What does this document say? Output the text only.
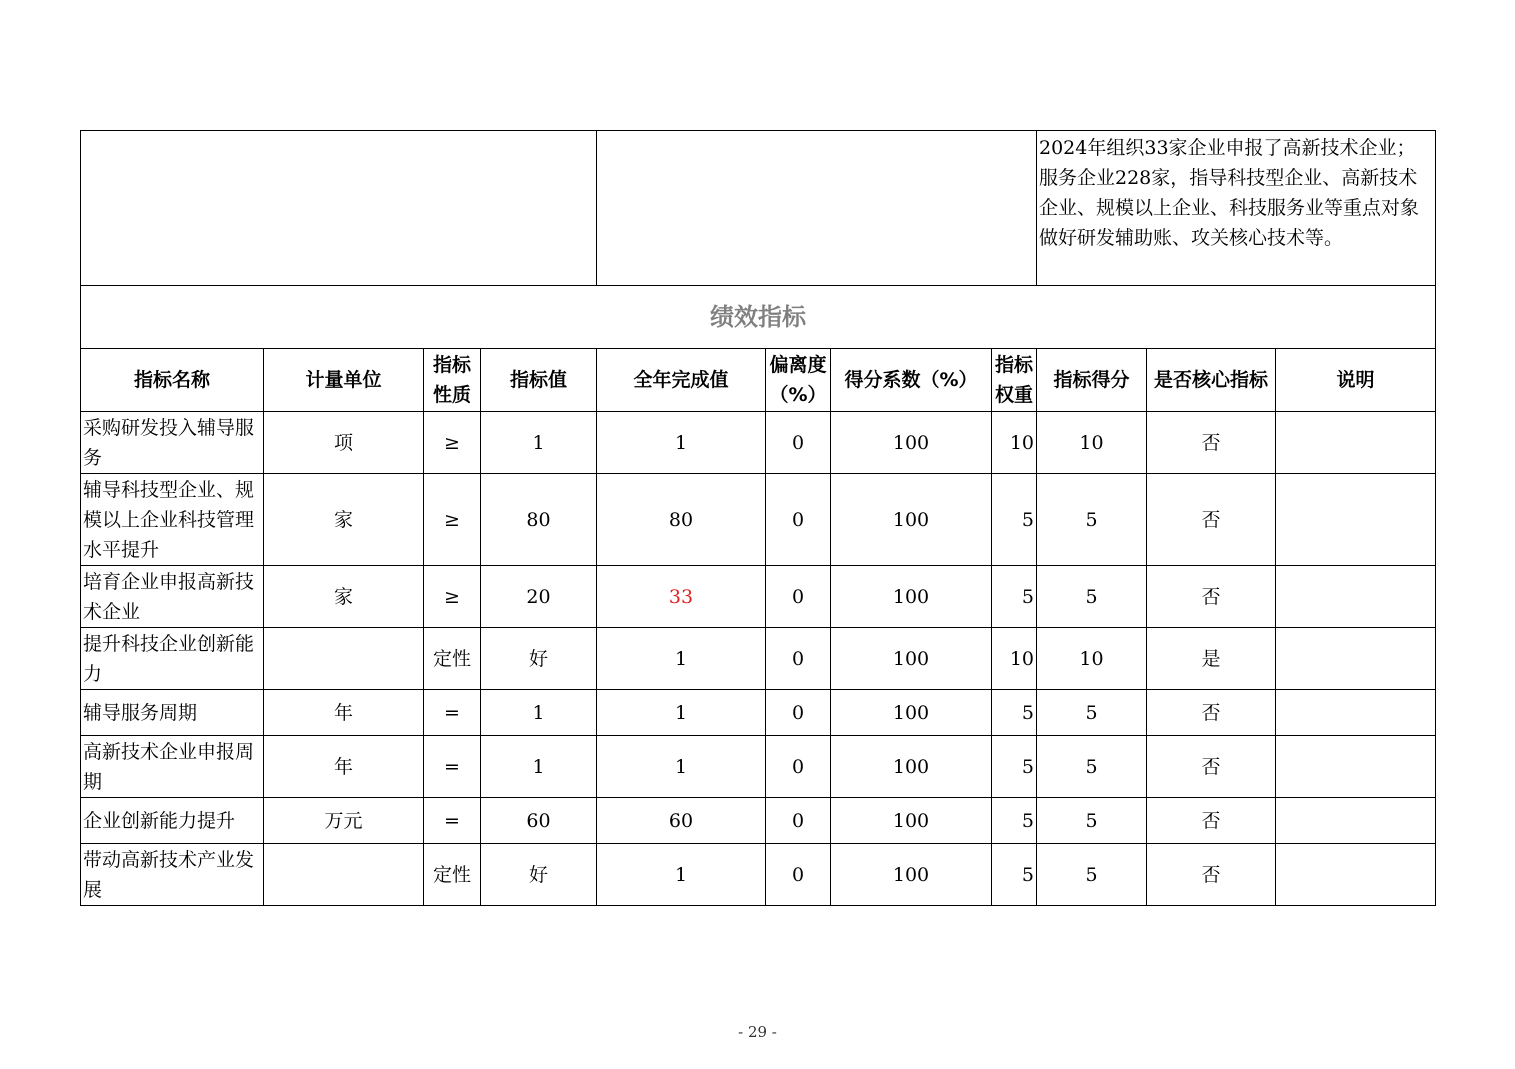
								2024年组织33家企业申报了高新技术企业；服务企业228家，指导科技型企业、高新技术企业、规模以上企业、科技服务业等重点对象做好研发辅助账、攻关核心技术等。		
绩效指标										
指标名称	计量单位	指标性质	指标值	全年完成值	偏离度（%）	得分系数（%）	指标权重	指标得分	是否核心指标	说明
采购研发投入辅导服务	项	≥	1	1	0	100	10	10	否	
辅导科技型企业、规模以上企业科技管理水平提升	家	≥	80	80	0	100	5	5	否	
培育企业申报高新技术企业	家	≥	20	33	0	100	5	5	否	
提升科技企业创新能力		定性	好	1	0	100	10	10	是	
辅导服务周期	年	=	1	1	0	100	5	5	否	
高新技术企业申报周期	年	=	1	1	0	100	5	5	否	
企业创新能力提升	万元	=	60	60	0	100	5	5	否	
带动高新技术产业发展		定性	好	1	0	100	5	5	否	
- 29 -
